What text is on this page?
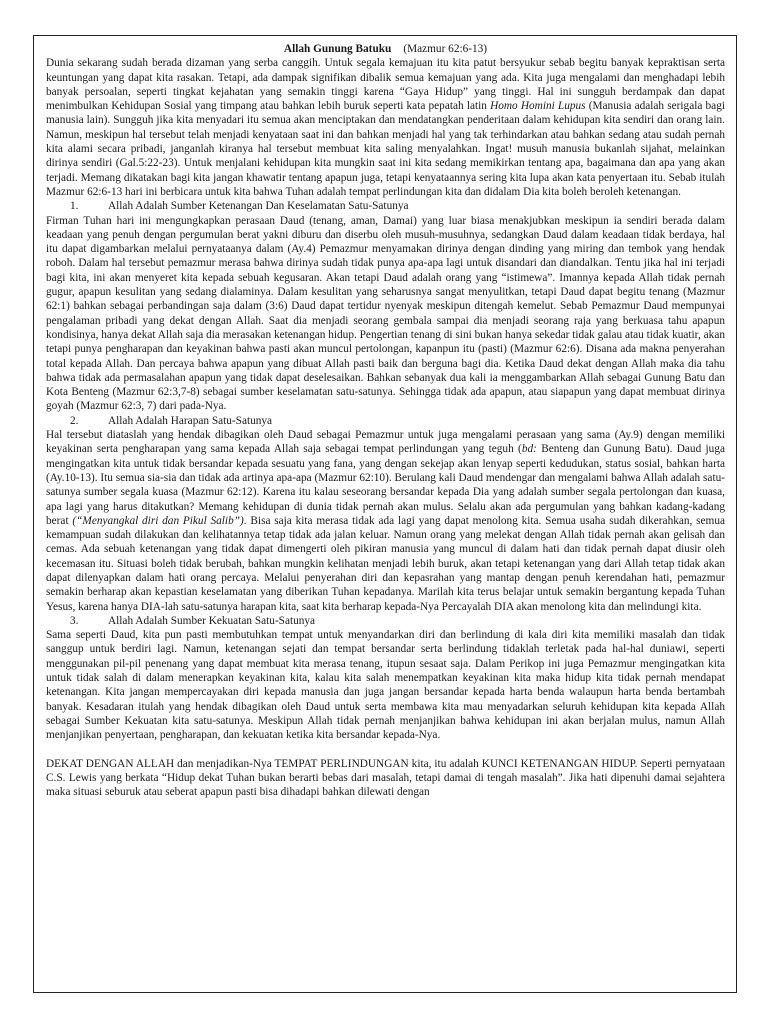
Allah Gunung Batuku (Mazmur 62:6-13)

Dunia sekarang sudah berada dizaman yang serba canggih. Untuk segala kemajuan itu kita patut bersyukur sebab begitu banyak kepraktisan serta keuntungan yang dapat kita rasakan. Tetapi, ada dampak signifikan dibalik semua kemajuan yang ada. Kita juga mengalami dan menghadapi lebih banyak persoalan, seperti tingkat kejahatan yang semakin tinggi karena “Gaya Hidup” yang tinggi. Hal ini sungguh berdampak dan dapat menimbulkan Kehidupan Sosial yang timpang atau bahkan lebih buruk seperti kata pepatah latin Homo Homini Lupus (Manusia adalah serigala bagi manusia lain). Sungguh jika kita menyadari itu semua akan menciptakan dan mendatangkan penderitaan dalam kehidupan kita sendiri dan orang lain. Namun, meskipun hal tersebut telah menjadi kenyataan saat ini dan bahkan menjadi hal yang tak terhindarkan atau bahkan sedang atau sudah pernah kita alami secara pribadi, janganlah kiranya hal tersebut membuat kita saling menyalahkan. Ingat! musuh manusia bukanlah sijahat, melainkan dirinya sendiri (Gal.5:22-23). Untuk menjalani kehidupan kita mungkin saat ini kita sedang memikirkan tentang apa, bagaimana dan apa yang akan terjadi. Memang dikatakan bagi kita jangan khawatir tentang apapun juga, tetapi kenyataannya sering kita lupa akan kata penyertaan itu. Sebab itulah Mazmur 62:6-13 hari ini berbicara untuk kita bahwa Tuhan adalah tempat perlindungan kita dan didalam Dia kita boleh beroleh ketenangan.

1.	Allah Adalah Sumber Ketenangan Dan Keselamatan Satu-Satunya

Firman Tuhan hari ini mengungkapkan perasaan Daud (tenang, aman, Damai) yang luar biasa menakjubkan meskipun ia sendiri berada dalam keadaan yang penuh dengan pergumulan berat yakni diburu dan diserbu oleh musuh-musuhnya, sedangkan Daud dalam keadaan tidak berdaya, hal itu dapat digambarkan melalui pernyataanya dalam (Ay.4) Pemazmur menyamakan dirinya dengan dinding yang miring dan tembok yang hendak roboh. Dalam hal tersebut pemazmur merasa bahwa dirinya sudah tidak punya apa-apa lagi untuk disandari dan diandalkan. Tentu jika hal ini terjadi bagi kita, ini akan menyeret kita kepada sebuah kegusaran. Akan tetapi Daud adalah orang yang “istimewa”. Imannya kepada Allah tidak pernah gugur, apapun kesulitan yang sedang dialaminya. Dalam kesulitan yang seharusnya sangat menyulitkan, tetapi Daud dapat begitu tenang (Mazmur 62:1) bahkan sebagai perbandingan saja dalam (3:6) Daud dapat tertidur nyenyak meskipun ditengah kemelut. Sebab Pemazmur Daud mempunyai pengalaman pribadi yang dekat dengan Allah. Saat dia menjadi seorang gembala sampai dia menjadi seorang raja yang berkuasa tahu apapun kondisinya, hanya dekat Allah saja dia merasakan ketenangan hidup. Pengertian tenang di sini bukan hanya sekedar tidak galau atau tidak kuatir, akan tetapi punya pengharapan dan keyakinan bahwa pasti akan muncul pertolongan, kapanpun itu (pasti) (Mazmur 62:6). Disana ada makna penyerahan total kepada Allah. Dan percaya bahwa apapun yang dibuat Allah pasti baik dan berguna bagi dia. Ketika Daud dekat dengan Allah maka dia tahu bahwa tidak ada permasalahan apapun yang tidak dapat deselesaikan. Bahkan sebanyak dua kali ia menggambarkan Allah sebagai Gunung Batu dan Kota Benteng (Mazmur 62:3,7-8) sebagai sumber keselamatan satu-satunya. Sehingga tidak ada apapun, atau siapapun yang dapat membuat dirinya goyah (Mazmur 62:3, 7) dari pada-Nya.

2.	Allah Adalah Harapan Satu-Satunya

Hal tersebut diataslah yang hendak dibagikan oleh Daud sebagai Pemazmur untuk juga mengalami perasaan yang sama (Ay.9) dengan memiliki keyakinan serta pengharapan yang sama kepada Allah saja sebagai tempat perlindungan yang teguh (bd: Benteng dan Gunung Batu). Daud juga mengingatkan kita untuk tidak bersandar kepada sesuatu yang fana, yang dengan sekejap akan lenyap seperti kedudukan, status sosial, bahkan harta (Ay.10-13). Itu semua sia-sia dan tidak ada artinya apa-apa (Mazmur 62:10). Berulang kali Daud mendengar dan mengalami bahwa Allah adalah satu-satunya sumber segala kuasa (Mazmur 62:12). Karena itu kalau seseorang bersandar kepada Dia yang adalah sumber segala pertolongan dan kuasa, apa lagi yang harus ditakutkan? Memang kehidupan di dunia tidak pernah akan mulus. Selalu akan ada pergumulan yang bahkan kadang-kadang berat (“Menyangkal diri dan Pikul Salib”). Bisa saja kita merasa tidak ada lagi yang dapat menolong kita. Semua usaha sudah dikerahkan, semua kemampuan sudah dilakukan dan kelihatannya tetap tidak ada jalan keluar. Namun orang yang melekat dengan Allah tidak pernah akan gelisah dan cemas. Ada sebuah ketenangan yang tidak dapat dimengerti oleh pikiran manusia yang muncul di dalam hati dan tidak pernah dapat diusir oleh kecemasan itu. Situasi boleh tidak berubah, bahkan mungkin kelihatan menjadi lebih buruk, akan tetapi ketenangan yang dari Allah tetap tidak akan dapat dilenyapkan dalam hati orang percaya. Melalui penyerahan diri dan kepasrahan yang mantap dengan penuh kerendahan hati, pemazmur semakin berharap akan kepastian keselamatan yang diberikan Tuhan kepadanya. Marilah kita terus belajar untuk semakin bergantung kepada Tuhan Yesus, karena hanya DIA-lah satu-satunya harapan kita, saat kita berharap kepada-Nya Percayalah DIA akan menolong kita dan melindungi kita.

3.	Allah Adalah Sumber Kekuatan Satu-Satunya

Sama seperti Daud, kita pun pasti membutuhkan tempat untuk menyandarkan diri dan berlindung di kala diri kita memiliki masalah dan tidak sanggup untuk berdiri lagi. Namun, ketenangan sejati dan tempat bersandar serta berlindung tidaklah terletak pada hal-hal duniawi, seperti menggunakan pil-pil penenang yang dapat membuat kita merasa tenang, itupun sesaat saja. Dalam Perikop ini juga Pemazmur mengingatkan kita untuk tidak salah di dalam menerapkan keyakinan kita, kalau kita salah menempatkan keyakinan kita maka hidup kita tidak pernah mendapat ketenangan. Kita jangan mempercayakan diri kepada manusia dan juga jangan bersandar kepada harta benda walaupun harta benda bertambah banyak. Kesadaran itulah yang hendak dibagikan oleh Daud untuk serta membawa kita mau menyadarkan seluruh kehidupan kita kepada Allah sebagai Sumber Kekuatan kita satu-satunya. Meskipun Allah tidak pernah menjanjikan bahwa kehidupan ini akan berjalan mulus, namun Allah menjanjikan penyertaan, pengharapan, dan kekuatan ketika kita bersandar kepada-Nya.

DEKAT DENGAN ALLAH dan menjadikan-Nya TEMPAT PERLINDUNGAN kita, itu adalah KUNCI KETENANGAN HIDUP. Seperti pernyataan C.S. Lewis yang berkata “Hidup dekat Tuhan bukan berarti bebas dari masalah, tetapi damai di tengah masalah”. Jika hati dipenuhi damai sejahtera maka situasi seburuk atau seberat apapun pasti bisa dihadapi bahkan dilewati dengan
